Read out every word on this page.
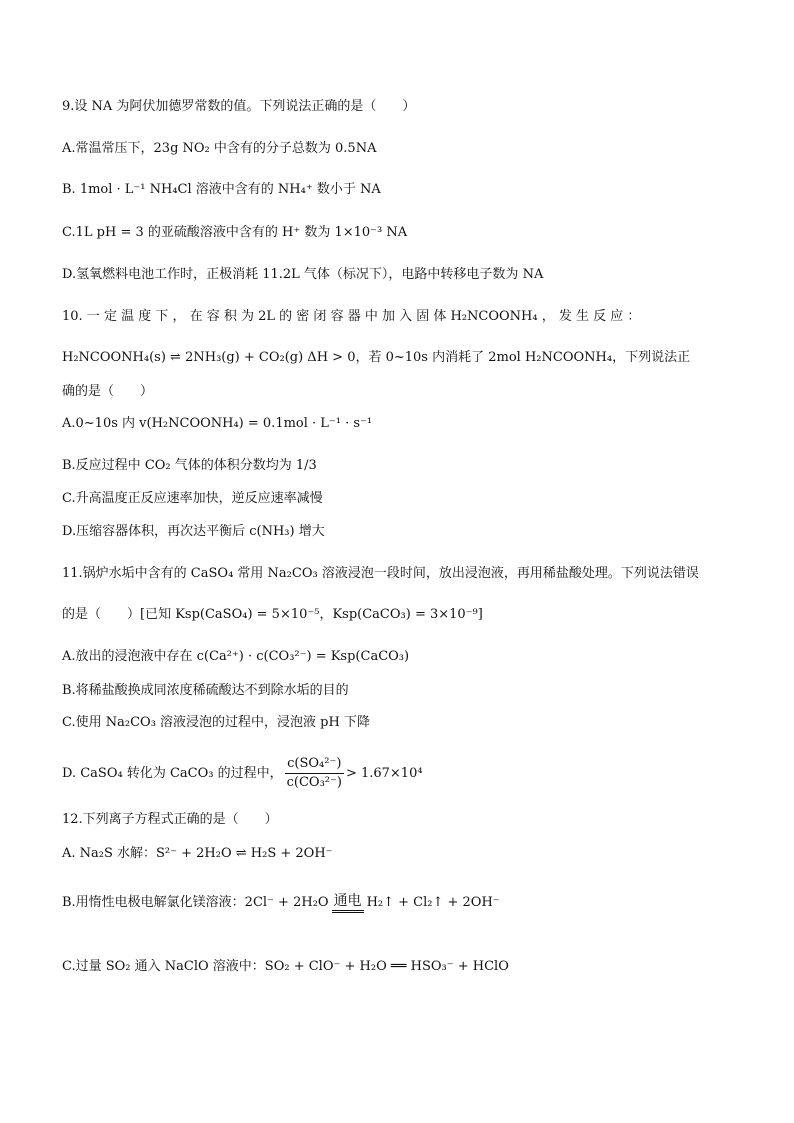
9.设 NA 为阿伏加德罗常数的值。下列说法正确的是（　　）
A.常温常压下，23g NO₂ 中含有的分子总数为 0.5NA
B. 1mol · L⁻¹ NH₄Cl 溶液中含有的 NH₄⁺ 数小于 NA
C.1L pH = 3 的亚硫酸溶液中含有的 H⁺ 数为 1×10⁻³ NA
D.氢氧燃料电池工作时，正极消耗 11.2L 气体（标况下），电路中转移电子数为 NA
10. 一 定 温 度 下 ， 在 容 积 为 2L 的 密 闭 容 器 中 加 入 固 体 H₂NCOONH₄ ， 发 生 反 应 ：
H₂NCOONH₄(s) ⇌ 2NH₃(g) + CO₂(g) ΔH > 0，若 0~10s 内消耗了 2mol H₂NCOONH₄，下列说法正
确的是（　　）
A.0~10s 内 v(H₂NCOONH₄) = 0.1mol · L⁻¹ · s⁻¹
B.反应过程中 CO₂ 气体的体积分数均为 1/3
C.升高温度正反应速率加快，逆反应速率减慢
D.压缩容器体积，再次达平衡后 c(NH₃) 增大
11.锅炉水垢中含有的 CaSO₄ 常用 Na₂CO₃ 溶液浸泡一段时间，放出浸泡液，再用稀盐酸处理。下列说法错误
的是（　　）[已知 Ksp(CaSO₄) = 5×10⁻⁵，Ksp(CaCO₃) = 3×10⁻⁹]
A.放出的浸泡液中存在 c(Ca²⁺) · c(CO₃²⁻) = Ksp(CaCO₃)
B.将稀盐酸换成同浓度稀硫酸达不到除水垢的目的
C.使用 Na₂CO₃ 溶液浸泡的过程中，浸泡液 pH 下降
D. CaSO₄ 转化为 CaCO₃ 的过程中， $\frac{\text{c(SO₄²⁻)}}{\text{c(CO₃²⁻)}} > 1.67\times 10^4$
12.下列离子方程式正确的是（　　）
A. Na₂S 水解：S²⁻ + 2H₂O ⇌ H₂S + 2OH⁻
B.用惰性电极电解氯化镁溶液：2Cl⁻ + 2H₂O 通电 H₂↑ + Cl₂↑ + 2OH⁻
C.过量 SO₂ 通入 NaClO 溶液中：SO₂ + ClO⁻ + H₂O ══ HSO₃⁻ + HClO
